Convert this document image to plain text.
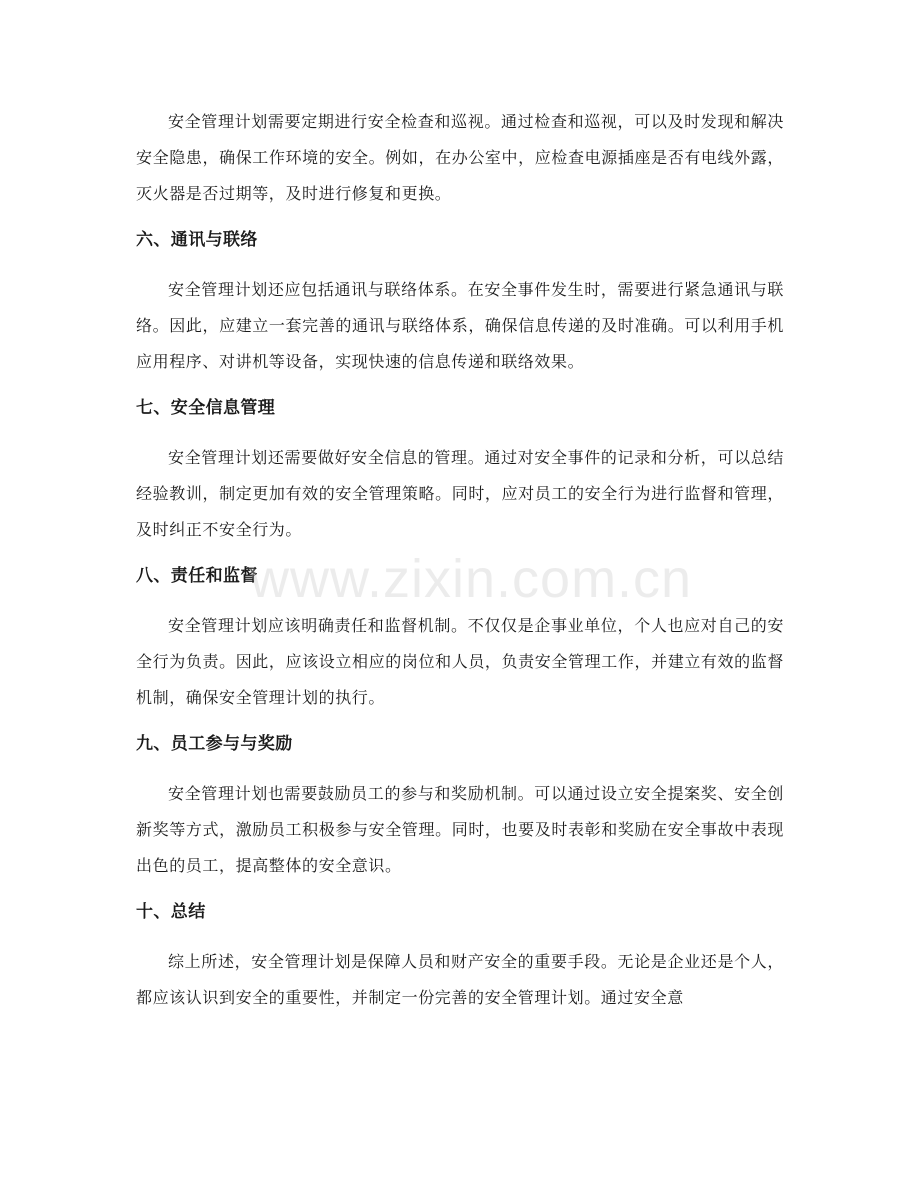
安全管理计划需要定期进行安全检查和巡视。通过检查和巡视，可以及时发现和解决安全隐患，确保工作环境的安全。例如，在办公室中，应检查电源插座是否有电线外露，灭火器是否过期等，及时进行修复和更换。

六、通讯与联络

安全管理计划还应包括通讯与联络体系。在安全事件发生时，需要进行紧急通讯与联络。因此，应建立一套完善的通讯与联络体系，确保信息传递的及时准确。可以利用手机应用程序、对讲机等设备，实现快速的信息传递和联络效果。

七、安全信息管理

安全管理计划还需要做好安全信息的管理。通过对安全事件的记录和分析，可以总结经验教训，制定更加有效的安全管理策略。同时，应对员工的安全行为进行监督和管理，及时纠正不安全行为。

八、责任和监督

安全管理计划应该明确责任和监督机制。不仅仅是企事业单位，个人也应对自己的安全行为负责。因此，应该设立相应的岗位和人员，负责安全管理工作，并建立有效的监督机制，确保安全管理计划的执行。

九、员工参与与奖励

安全管理计划也需要鼓励员工的参与和奖励机制。可以通过设立安全提案奖、安全创新奖等方式，激励员工积极参与安全管理。同时，也要及时表彰和奖励在安全事故中表现出色的员工，提高整体的安全意识。

十、总结

综上所述，安全管理计划是保障人员和财产安全的重要手段。无论是企业还是个人，都应该认识到安全的重要性，并制定一份完善的安全管理计划。通过安全意

www.zixin.com.cn
